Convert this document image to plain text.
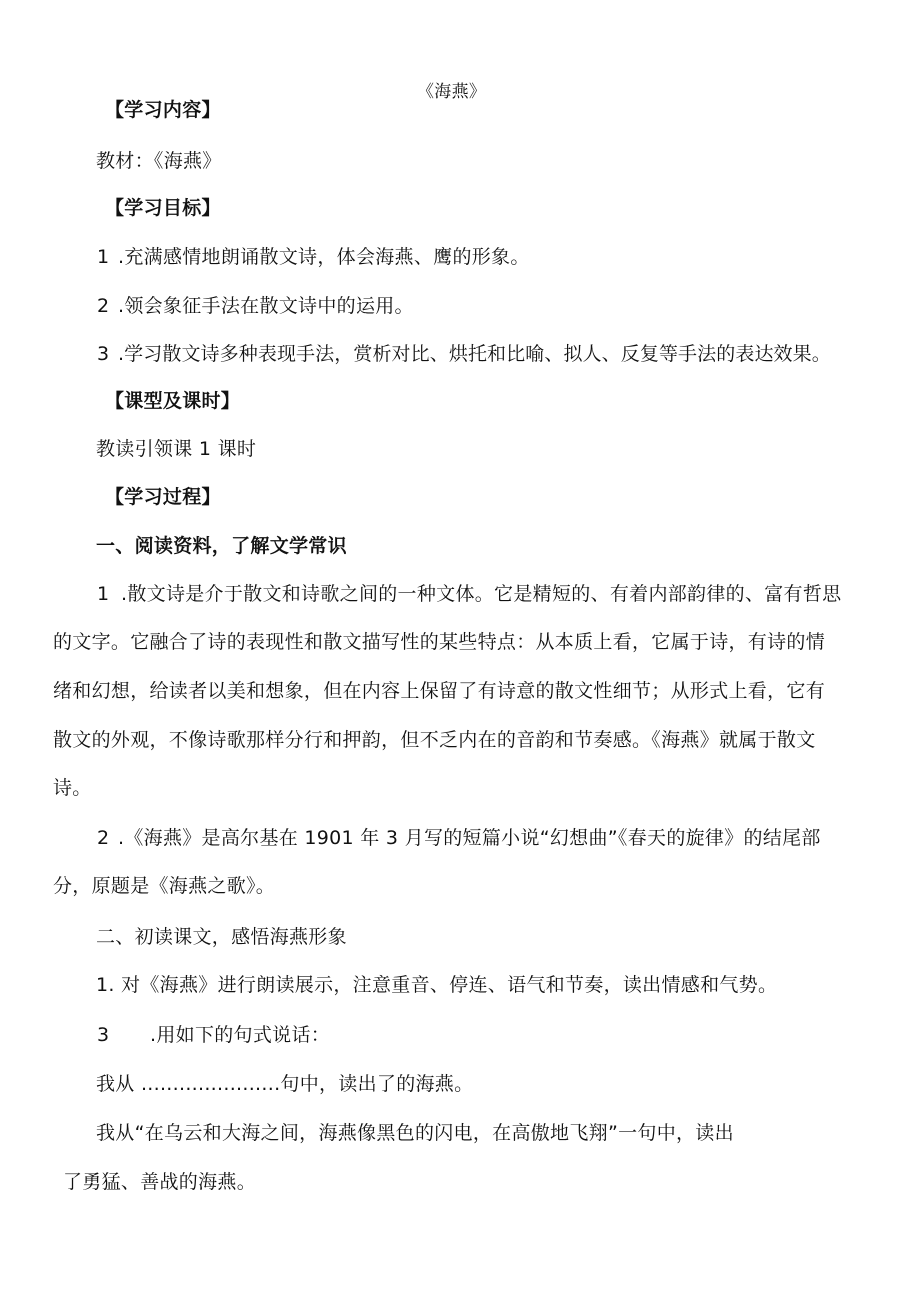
《海燕》
【学习内容】
教材：《海燕》
【学习目标】
1 .充满感情地朗诵散文诗，体会海燕、鹰的形象。
2 .领会象征手法在散文诗中的运用。
3 .学习散文诗多种表现手法，赏析对比、烘托和比喻、拟人、反复等手法的表达效果。
【课型及课时】
教读引领课 1 课时
【学习过程】
一、阅读资料，了解文学常识
1 .散文诗是介于散文和诗歌之间的一种文体。它是精短的、有着内部韵律的、富有哲思
的文字。它融合了诗的表现性和散文描写性的某些特点：从本质上看，它属于诗，有诗的情
绪和幻想，给读者以美和想象，但在内容上保留了有诗意的散文性细节；从形式上看，它有
散文的外观，不像诗歌那样分行和押韵，但不乏内在的音韵和节奏感。《海燕》就属于散文
诗。
2 .《海燕》是高尔基在 1901 年 3 月写的短篇小说“幻想曲”《春天的旋律》的结尾部
分，原题是《海燕之歌》。
二、初读课文，感悟海燕形象
1. 对《海燕》进行朗读展示，注意重音、停连、语气和节奏，读出情感和气势。
3 .用如下的句式说话：
我从 ......................句中，读出了的海燕。
我从“在乌云和大海之间，海燕像黑色的闪电，在高傲地飞翔”一句中，读出
了勇猛、善战的海燕。
